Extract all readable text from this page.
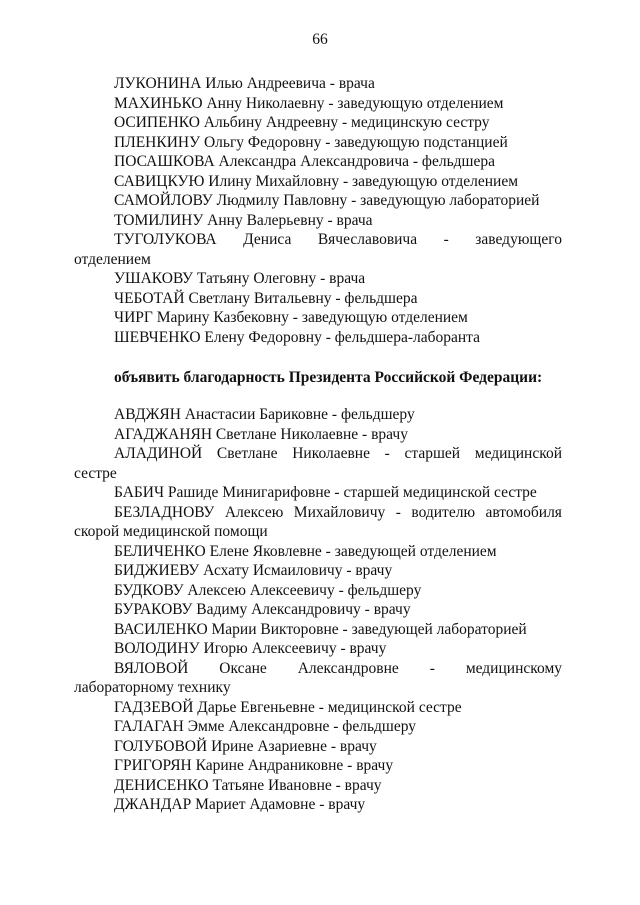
66
ЛУКОНИНА Илью Андреевича - врача
МАХИНЬКО Анну Николаевну - заведующую отделением
ОСИПЕНКО Альбину Андреевну - медицинскую сестру
ПЛЕНКИНУ Ольгу Федоровну - заведующую подстанцией
ПОСАШКОВА Александра Александровича - фельдшера
САВИЦКУЮ Илину Михайловну - заведующую отделением
САМОЙЛОВУ Людмилу Павловну - заведующую лабораторией
ТОМИЛИНУ Анну Валерьевну - врача
ТУГОЛУКОВА Дениса Вячеславовича - заведующего
отделением
УШАКОВУ Татьяну Олеговну - врача
ЧЕБОТАЙ Светлану Витальевну - фельдшера
ЧИРГ Марину Казбековну - заведующую отделением
ШЕВЧЕНКО Елену Федоровну - фельдшера-лаборанта
объявить благодарность Президента Российской Федерации:
АВДЖЯН Анастасии Бариковне - фельдшеру
АГАДЖАНЯН Светлане Николаевне - врачу
АЛАДИНОЙ Светлане Николаевне - старшей медицинской
сестре
БАБИЧ Рашиде Минигарифовне - старшей медицинской сестре
БЕЗЛАДНОВУ Алексею Михайловичу - водителю автомобиля
скорой медицинской помощи
БЕЛИЧЕНКО Елене Яковлевне - заведующей отделением
БИДЖИЕВУ Асхату Исмаиловичу - врачу
БУДКОВУ Алексею Алексеевичу - фельдшеру
БУРАКОВУ Вадиму Александровичу - врачу
ВАСИЛЕНКО Марии Викторовне - заведующей лабораторией
ВОЛОДИНУ Игорю Алексеевичу - врачу
ВЯЛОВОЙ Оксане Александровне - медицинскому
лабораторному технику
ГАДЗЕВОЙ Дарье Евгеньевне - медицинской сестре
ГАЛАГАН Эмме Александровне - фельдшеру
ГОЛУБОВОЙ Ирине Азариевне - врачу
ГРИГОРЯН Карине Андраниковне - врачу
ДЕНИСЕНКО Татьяне Ивановне - врачу
ДЖАНДАР Мариет Адамовне - врачу
